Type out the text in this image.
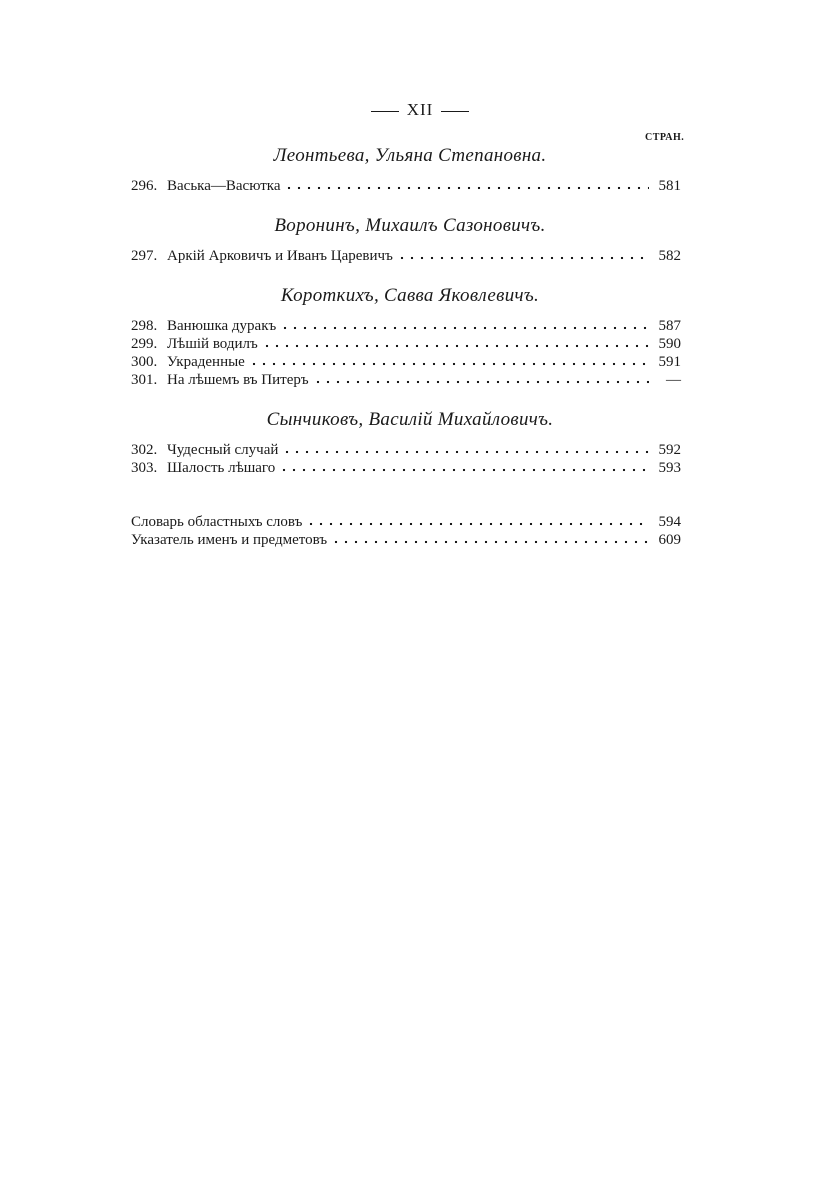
XII
СТРАН.
Леонтьева, Ульяна Степановна.
296. Васька—Васютка	581
Воронинъ, Михаилъ Сазоновичъ.
297. Аркій Арковичъ и Иванъ Царевичъ	582
Короткихъ, Савва Яковлевичъ.
298. Ванюшка дуракъ	587
299. Лѣшій водилъ	590
300. Украденные	591
301. На лѣшемъ въ Питеръ	—
Сынчиковъ, Василій Михайловичъ.
302. Чудесный случай	592
303. Шалость лѣшаго	593
Словарь областныхъ словъ	594
Указатель именъ и предметовъ	609
